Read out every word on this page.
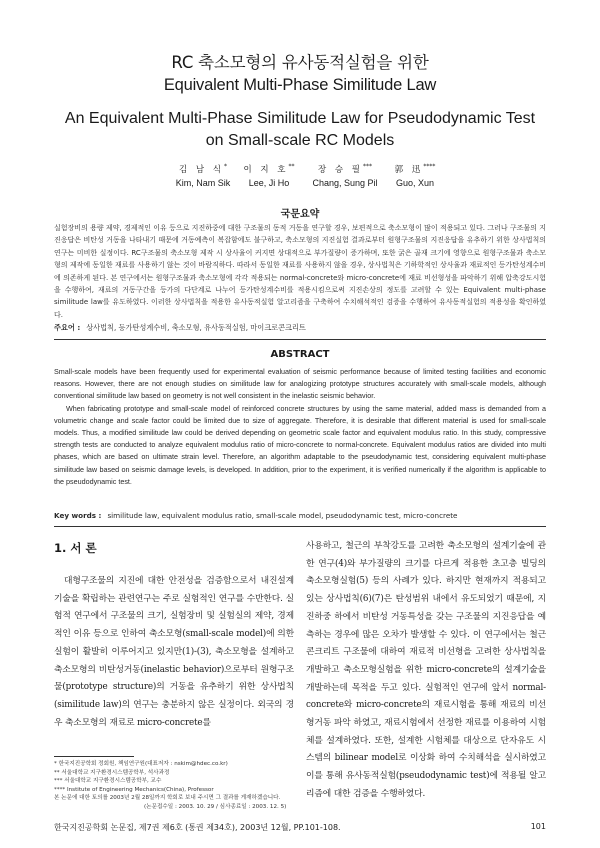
RC 축소모형의 유사동적실험을 위한
Equivalent Multi-Phase Similitude Law
An Equivalent Multi-Phase Similitude Law for Pseudodynamic Test
on Small-scale RC Models
김 남 식*
Kim, Nam Sik
이 지 호**
Lee, Ji Ho
장 승 필***
Chang, Sung Pil
郭 迅****
Guo, Xun
국문요약

실험장비의 용량 제약, 경제적인 이유 등으로 지진하중에 대한 구조물의 동적 거동을 연구할 경우, 보편적으로 축소모형이 많이 적용되고 있다. 그러나 구조물의 지진응답은 비탄성 거동을 나타내기 때문에 거동예측이 복잡함에도 불구하고, 축소모형의 지진실험 결과로부터 원형구조물의 지진응답을 유추하기 위한 상사법칙의 연구는 미비한 실정이다. RC구조물의 축소모형 제작 시 상사율이 커지면 상대적으로 부가질량이 증가하며, 또한 굵은 골재 크기에 영향으로 원형구조물과 축소모형의 제작에 동일한 재료를 사용하기 않는 것이 바람직하다. 따라서 동일한 재료를 사용하지 않을 경우, 상사법칙은 기하학적인 상사율과 재료적인 등가탄성계수비에 의존하게 된다. 본 연구에서는 원형구조물과 축소모형에 각각 적용되는 normal-concrete와 micro-concrete에 재료 비선형성을 파악하기 위해 압축강도시험을 수행하여, 재료의 거동구간을 등가의 다단계로 나누어 등가탄성계수비를 적용시킴으로써 지진손상의 정도를 고려할 수 있는 Equivalent multi-phase similitude law를 유도하였다. 이러한 상사법칙을 적용한 유사동적실험 알고리즘을 구축하여 수치해석적인 검증을 수행하여 유사동적실험의 적용성을 확인하였다.

주요어 : 상사법칙, 등가탄성계수비, 축소모형, 유사동적실험, 마이크로콘크리트
ABSTRACT

Small-scale models have been frequently used for experimental evaluation of seismic performance because of limited testing facilities and economic reasons. However, there are not enough studies on similitude law for analogizing prototype structures accurately with small-scale models, although conventional similitude law based on geometry is not well consistent in the inelastic seismic behavior.

When fabricating prototype and small-scale model of reinforced concrete structures by using the same material, added mass is demanded from a volumetric change and scale factor could be limited due to size of aggregate. Therefore, it is desirable that different material is used for small-scale models. Thus, a modified similitude law could be derived depending on geometric scale factor and equivalent modulus ratio. In this study, compressive strength tests are conducted to analyze equivalent modulus ratio of micro-concrete to normal-concrete. Equivalent modulus ratios are divided into multi phases, which are based on ultimate strain level. Therefore, an algorithm adaptable to the pseudodynamic test, considering equivalent multi-phase similitude law based on seismic damage levels, is developed. In addition, prior to the experiment, it is verified numerically if the algorithm is applicable to the pseudodynamic test.

Key words : similitude law, equivalent modulus ratio, small-scale model, pseudodynamic test, micro-concrete
1. 서 론

대형구조물의 지진에 대한 안전성을 검증함으로서 내진설계기술을 확립하는 관련연구는 주로 실험적인 연구를 수반한다. 실험적 연구에서 구조물의 크기, 실험장비 및 실험실의 제약, 경제적인 이유 등으로 인하여 축소모형(small-scale model)에 의한 실험이 활발히 이루어지고 있지만(1)-(3), 축소모형을 설계하고 축소모형의 비탄성거동(inelastic behavior)으로부터 원형구조물(prototype structure)의 거동을 유추하기 위한 상사법칙(similitude law)의 연구는 충분하지 않은 실정이다. 외국의 경우 축소모형의 재료로 micro-concrete를

사용하고, 철근의 부착강도를 고려한 축소모형의 설계기술에 관한 연구(4)와 부가질량의 크기를 다르게 적용한 초고층 빌딩의 축소모형실험(5) 등의 사례가 있다. 하지만 현재까지 적용되고 있는 상사법칙(6)(7)은 탄성범위 내에서 유도되었기 때문에, 지진하중 하에서 비탄성 거동특성을 갖는 구조물의 지진응답을 예측하는 경우에 많은 오차가 발생할 수 있다. 이 연구에서는 철근콘크리트 구조물에 대하여 재료적 비선형을 고려한 상사법칙을 개발하고 축소모형실험을 위한 micro-concrete의 설계기술을 개발하는데 목적을 두고 있다. 실험적인 연구에 앞서 normal-concrete와 micro-concrete의 재료시험을 통해 재료의 비선형거동 파악 하였고, 재료시험에서 선정한 재료를 이용하여 시험체를 설계하였다. 또한, 설계한 시험체를 대상으로 단자유도 시스템의 bilinear model로 이상화 하여 수치해석을 실시하였고 이를 통해 유사동적실험(pseudodynamic test)에 적용될 알고리즘에 대한 검증을 수행하였다.

* 한국지진공학회 정회원, 책임연구원(대표저자 : nskim@hdec.co.kr)
** 서울대학교 지구환경시스템공학부, 석사과정
*** 서울대학교 지구환경시스템공학부, 교수
**** Institute of Engineering Mechanics(China), Professor
본 논문에 대한 토의를 2003년 2월 28일까지 학회로 보내 주시면 그 결과를 게재하겠습니다.
(논문접수일 : 2003. 10. 29 / 심사종료일 : 2003. 12. 5)
한국지진공학회 논문집, 제7권 제6호 (통권 제34호), 2003년 12월, PP.101-108.	101
